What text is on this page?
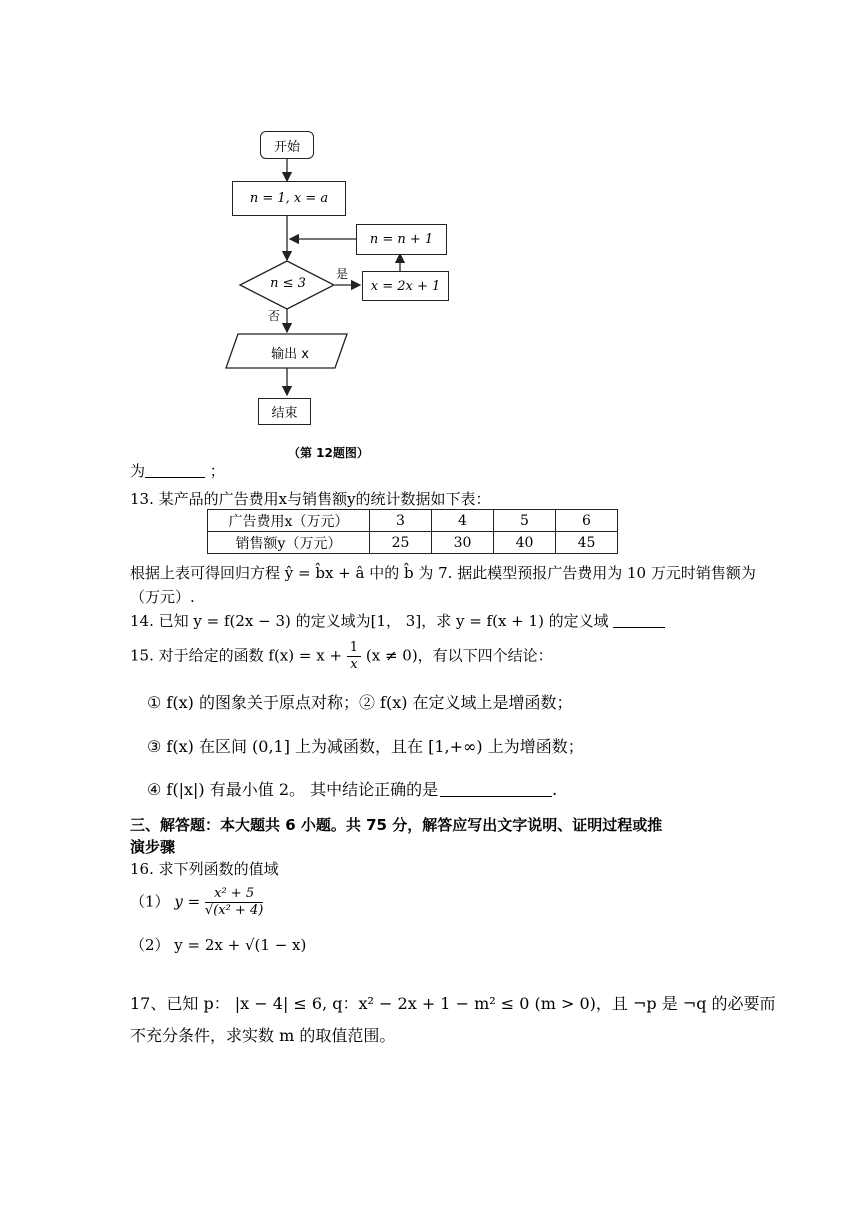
开始
n = 1, x = a
n = n + 1
n ≤ 3
是
x = 2x + 1
否
输出 x
结束
（第 12题图）
为	；
13. 某产品的广告费用x与销售额y的统计数据如下表：
广告费用x（万元）	3	4	5	6
销售额y（万元）	25	30	40	45
根据上表可得回归方程 ŷ = b̂x + â 中的 b̂ 为 7. 据此模型预报广告费用为 10 万元时销售额为
（万元）.
14. 已知 y = f(2x − 3) 的定义域为[1， 3]，求 y = f(x + 1) 的定义域
15. 对于给定的函数 $f(x) = x + \frac{1}{x} (x \ne 0)$，有以下四个结论：
① f(x) 的图象关于原点对称；② f(x) 在定义域上是增函数；
③ f(x) 在区间 (0,1] 上为减函数，且在 [1,+∞) 上为增函数；
④ f(|x|) 有最小值 2。 其中结论正确的是	.
三、解答题：本大题共 6 小题。共 75 分，解答应写出文字说明、证明过程或推
演步骤
16. 求下列函数的值域
（1） $y = \frac{\text{x² + 5}}{\text{√(x² + 4)}}$
（2） y = 2x + √(1 − x)
17、已知 p： |x − 4| ≤ 6, q：x² − 2x + 1 − m² ≤ 0 (m > 0)，且 ¬p 是 ¬q 的必要而
不充分条件，求实数 m 的取值范围。
